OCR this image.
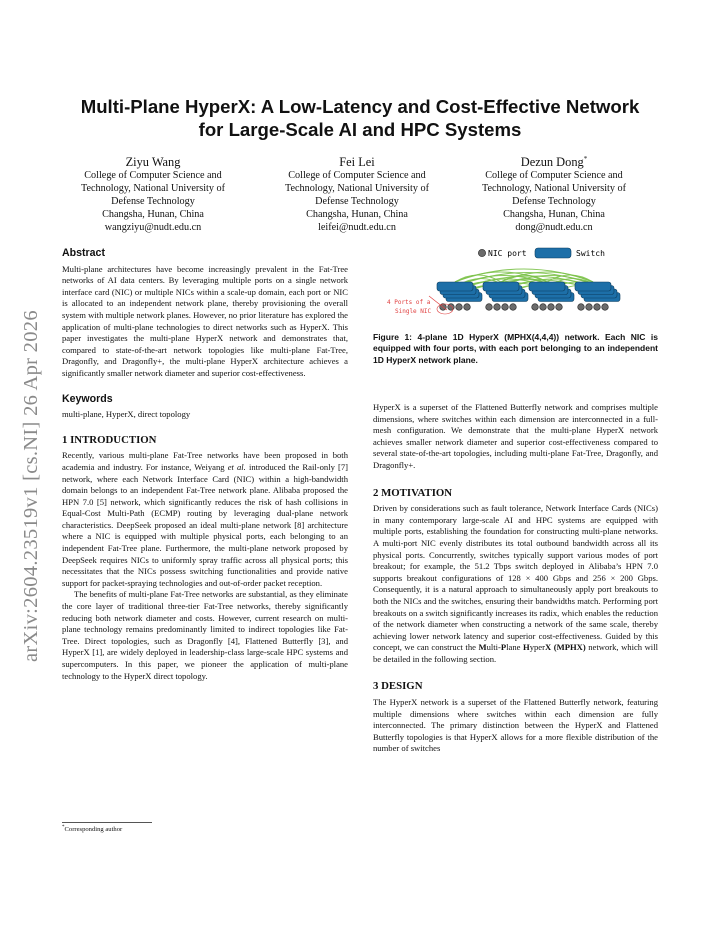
arXiv:2604.23519v1 [cs.NI] 26 Apr 2026
Multi-Plane HyperX: A Low-Latency and Cost-Effective Network
for Large-Scale AI and HPC Systems
Ziyu Wang
College of Computer Science and
Technology, National University of
Defense Technology
Changsha, Hunan, China
wangziyu@nudt.edu.cn
Fei Lei
College of Computer Science and
Technology, National University of
Defense Technology
Changsha, Hunan, China
leifei@nudt.edu.cn
Dezun Dong*
College of Computer Science and
Technology, National University of
Defense Technology
Changsha, Hunan, China
dong@nudt.edu.cn
Abstract

Multi-plane architectures have become increasingly prevalent in the Fat-Tree networks of AI data centers. By leveraging multiple ports on a single network interface card (NIC) or multiple NICs within a scale-up domain, each port or NIC is allocated to an independent network plane, thereby provisioning the overall system with multiple network planes. However, no prior literature has explored the application of multi-plane technologies to direct networks such as HyperX. This paper investigates the multi-plane HyperX network and demonstrates that, compared to state-of-the-art network topologies like multi-plane Fat-Tree, Dragonfly, and Dragonfly+, the multi-plane HyperX architecture achieves a significantly smaller network diameter and superior cost-effectiveness.

Keywords

multi-plane, HyperX, direct topology

1 INTRODUCTION

Recently, various multi-plane Fat-Tree networks have been proposed in both academia and industry. For instance, Weiyang et al. introduced the Rail-only [7] network, where each Network Interface Card (NIC) within a high-bandwidth domain belongs to an independent Fat-Tree network plane. Alibaba proposed the HPN 7.0 [5] network, which significantly reduces the risk of hash collisions in Equal-Cost Multi-Path (ECMP) routing by leveraging dual-plane network characteristics. DeepSeek proposed an ideal multi-plane network [8] architecture where a NIC is equipped with multiple physical ports, each belonging to an independent Fat-Tree plane. Furthermore, the multi-plane network proposed by DeepSeek requires NICs to uniformly spray traffic across all physical ports; this necessitates that the NICs possess switching functionalities and provide native support for packet-spraying technologies and out-of-order packet reception.

The benefits of multi-plane Fat-Tree networks are substantial, as they eliminate the core layer of traditional three-tier Fat-Tree networks, thereby significantly reducing both network diameter and costs. However, current research on multi-plane technology remains predominantly limited to indirect topologies like Fat-Tree. Direct topologies, such as Dragonfly [4], Flattened Butterfly [3], and HyperX [1], are widely deployed in leadership-class large-scale HPC systems and supercomputers. In this paper, we pioneer the application of multi-plane technology to the HyperX direct topology.

*Corresponding author
NIC port	Switch
4 Ports of a
Single NIC
Figure 1: 4-plane 1D HyperX (MPHX(4,4,4)) network. Each NIC is equipped with four ports, with each port belonging to an independent 1D HyperX network plane.

HyperX is a superset of the Flattened Butterfly network and comprises multiple dimensions, where switches within each dimension are interconnected in a full-mesh configuration. We demonstrate that the multi-plane HyperX network achieves smaller network diameter and superior cost-effectiveness compared to several state-of-the-art topologies, including multi-plane Fat-Tree, Dragonfly, and Dragonfly+.

2 MOTIVATION

Driven by considerations such as fault tolerance, Network Interface Cards (NICs) in many contemporary large-scale AI and HPC systems are equipped with multiple ports, establishing the foundation for constructing multi-plane networks. A multi-port NIC evenly distributes its total outbound bandwidth across all its physical ports. Concurrently, switches typically support various modes of port breakout; for example, the 51.2 Tbps switch deployed in Alibaba’s HPN 7.0 supports breakout configurations of 128 × 400 Gbps and 256 × 200 Gbps. Consequently, it is a natural approach to simultaneously apply port breakouts to both the NICs and the switches, ensuring their bandwidths match. Performing port breakouts on a switch significantly increases its radix, which enables the reduction of the network diameter when constructing a network of the same scale, thereby achieving lower network latency and superior cost-effectiveness. Guided by this concept, we can construct the Multi-Plane HyperX (MPHX) network, which will be detailed in the following section.

3 DESIGN

The HyperX network is a superset of the Flattened Butterfly network, featuring multiple dimensions where switches within each dimension are fully interconnected. The primary distinction between the HyperX and Flattened Butterfly topologies is that HyperX allows for a more flexible distribution of the number of switches
